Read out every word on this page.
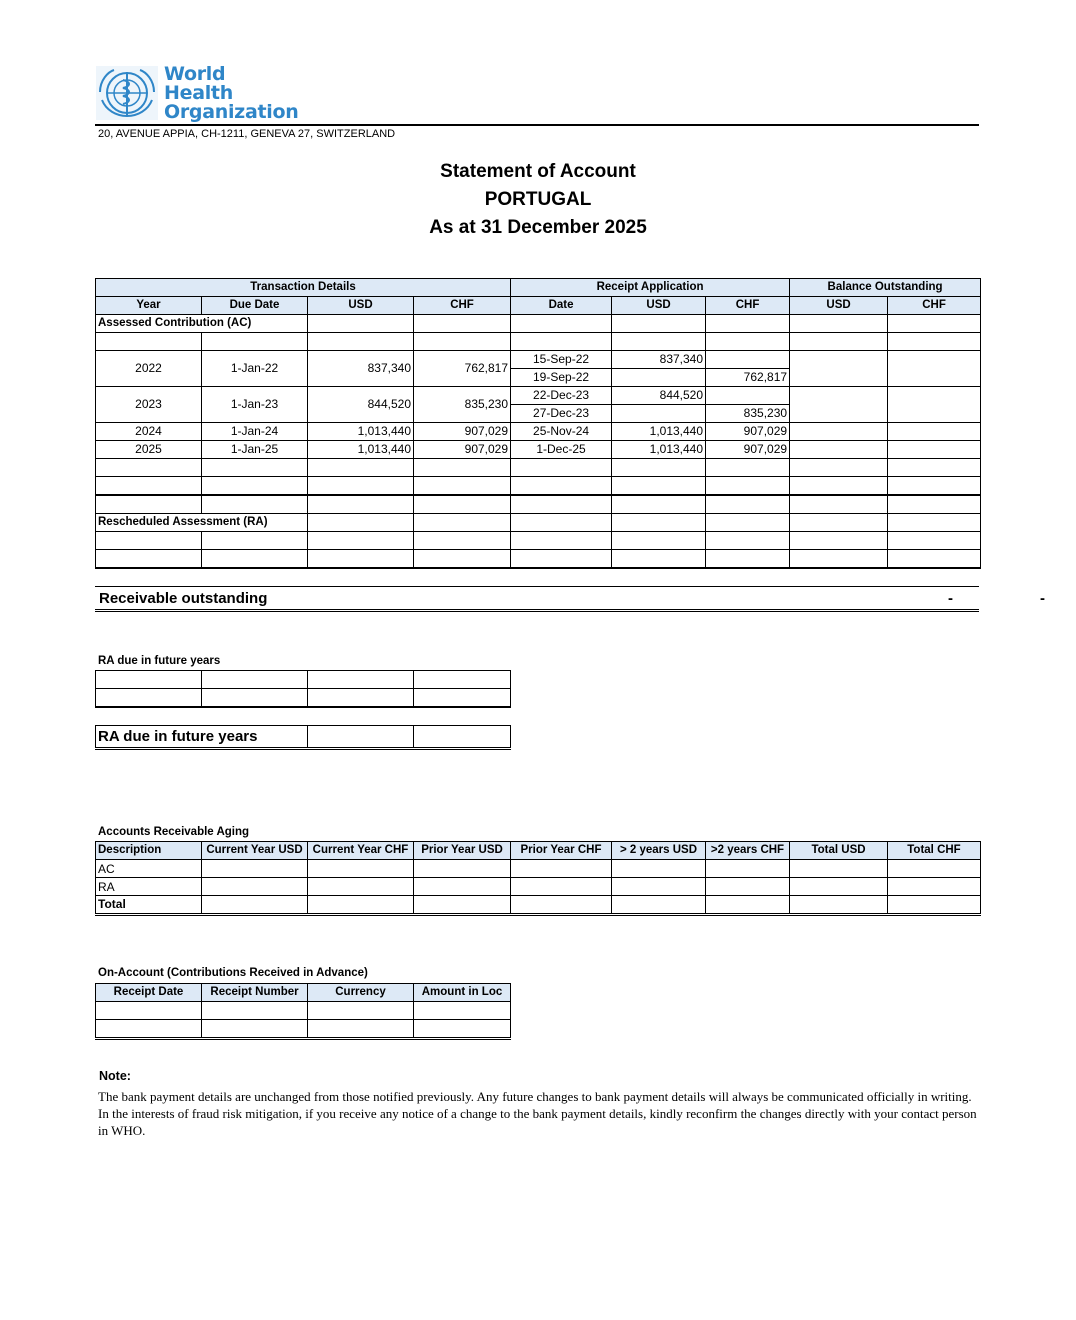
World Health
Organization
20, AVENUE APPIA, CH-1211, GENEVA 27, SWITZERLAND
Statement of Account
PORTUGAL
As at 31 December 2025
Transaction Details				Receipt Application			Balance Outstanding	
Year	Due Date	USD	CHF	Date	USD	CHF	USD	CHF
Assessed Contribution (AC)								

2022	1-Jan-22	837,340	762,817	15-Sep-22	837,340			
				19-Sep-22		762,817		
2023	1-Jan-23	844,520	835,230	22-Dec-23	844,520			
				27-Dec-23		835,230		
2024	1-Jan-24	1,013,440	907,029	25-Nov-24	1,013,440	907,029		
2025	1-Jan-25	1,013,440	907,029	1-Dec-25	1,013,440	907,029		

Rescheduled Assessment (RA)								

Receivable outstanding	-	-
RA due in future years

RA due in future years		
Accounts Receivable Aging
Description	Current Year USD	Current Year CHF	Prior Year USD	Prior Year CHF	> 2 years USD	>2 years CHF	Total USD	Total CHF
AC								
RA								
Total								
On-Account (Contributions Received in Advance)
Receipt Date	Receipt Number	Currency	Amount in Loc

Note:
The bank payment details are unchanged from those notified previously. Any future changes to bank payment details will always be communicated officially in writing. In the interests of fraud risk mitigation, if you receive any notice of a change to the bank payment details, kindly reconfirm the changes directly with your contact person in WHO.
